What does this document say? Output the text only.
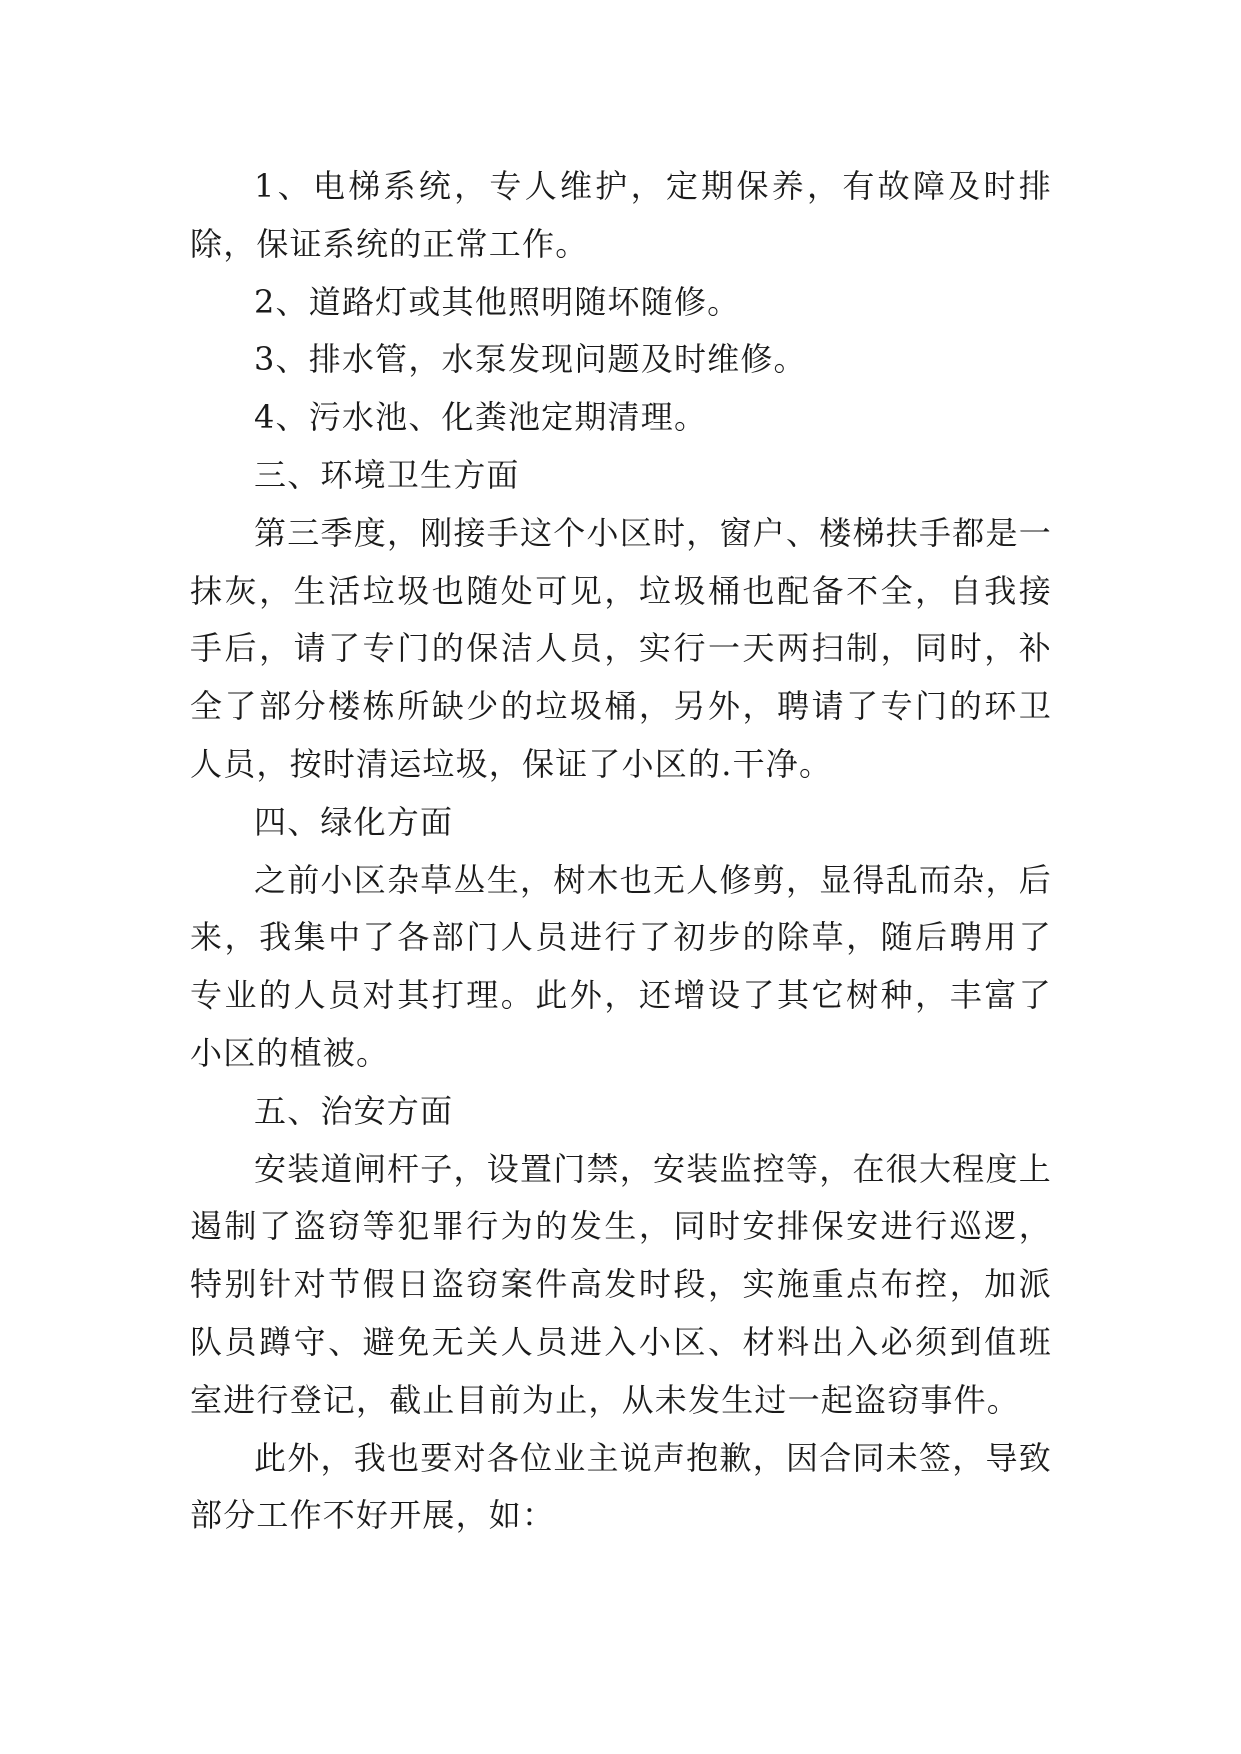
1、电梯系统，专人维护，定期保养，有故障及时排除，保证系统的正常工作。

2、道路灯或其他照明随坏随修。

3、排水管，水泵发现问题及时维修。

4、污水池、化粪池定期清理。

三、环境卫生方面

第三季度，刚接手这个小区时，窗户、楼梯扶手都是一抹灰，生活垃圾也随处可见，垃圾桶也配备不全，自我接手后，请了专门的保洁人员，实行一天两扫制，同时，补全了部分楼栋所缺少的垃圾桶，另外，聘请了专门的环卫人员，按时清运垃圾，保证了小区的.干净。

四、绿化方面

之前小区杂草丛生，树木也无人修剪，显得乱而杂，后来，我集中了各部门人员进行了初步的除草，随后聘用了专业的人员对其打理。此外，还增设了其它树种，丰富了小区的植被。

五、治安方面

安装道闸杆子，设置门禁，安装监控等，在很大程度上遏制了盗窃等犯罪行为的发生，同时安排保安进行巡逻，特别针对节假日盗窃案件高发时段，实施重点布控，加派队员蹲守、避免无关人员进入小区、材料出入必须到值班室进行登记，截止目前为止，从未发生过一起盗窃事件。

此外，我也要对各位业主说声抱歉，因合同未签，导致部分工作不好开展，如：
